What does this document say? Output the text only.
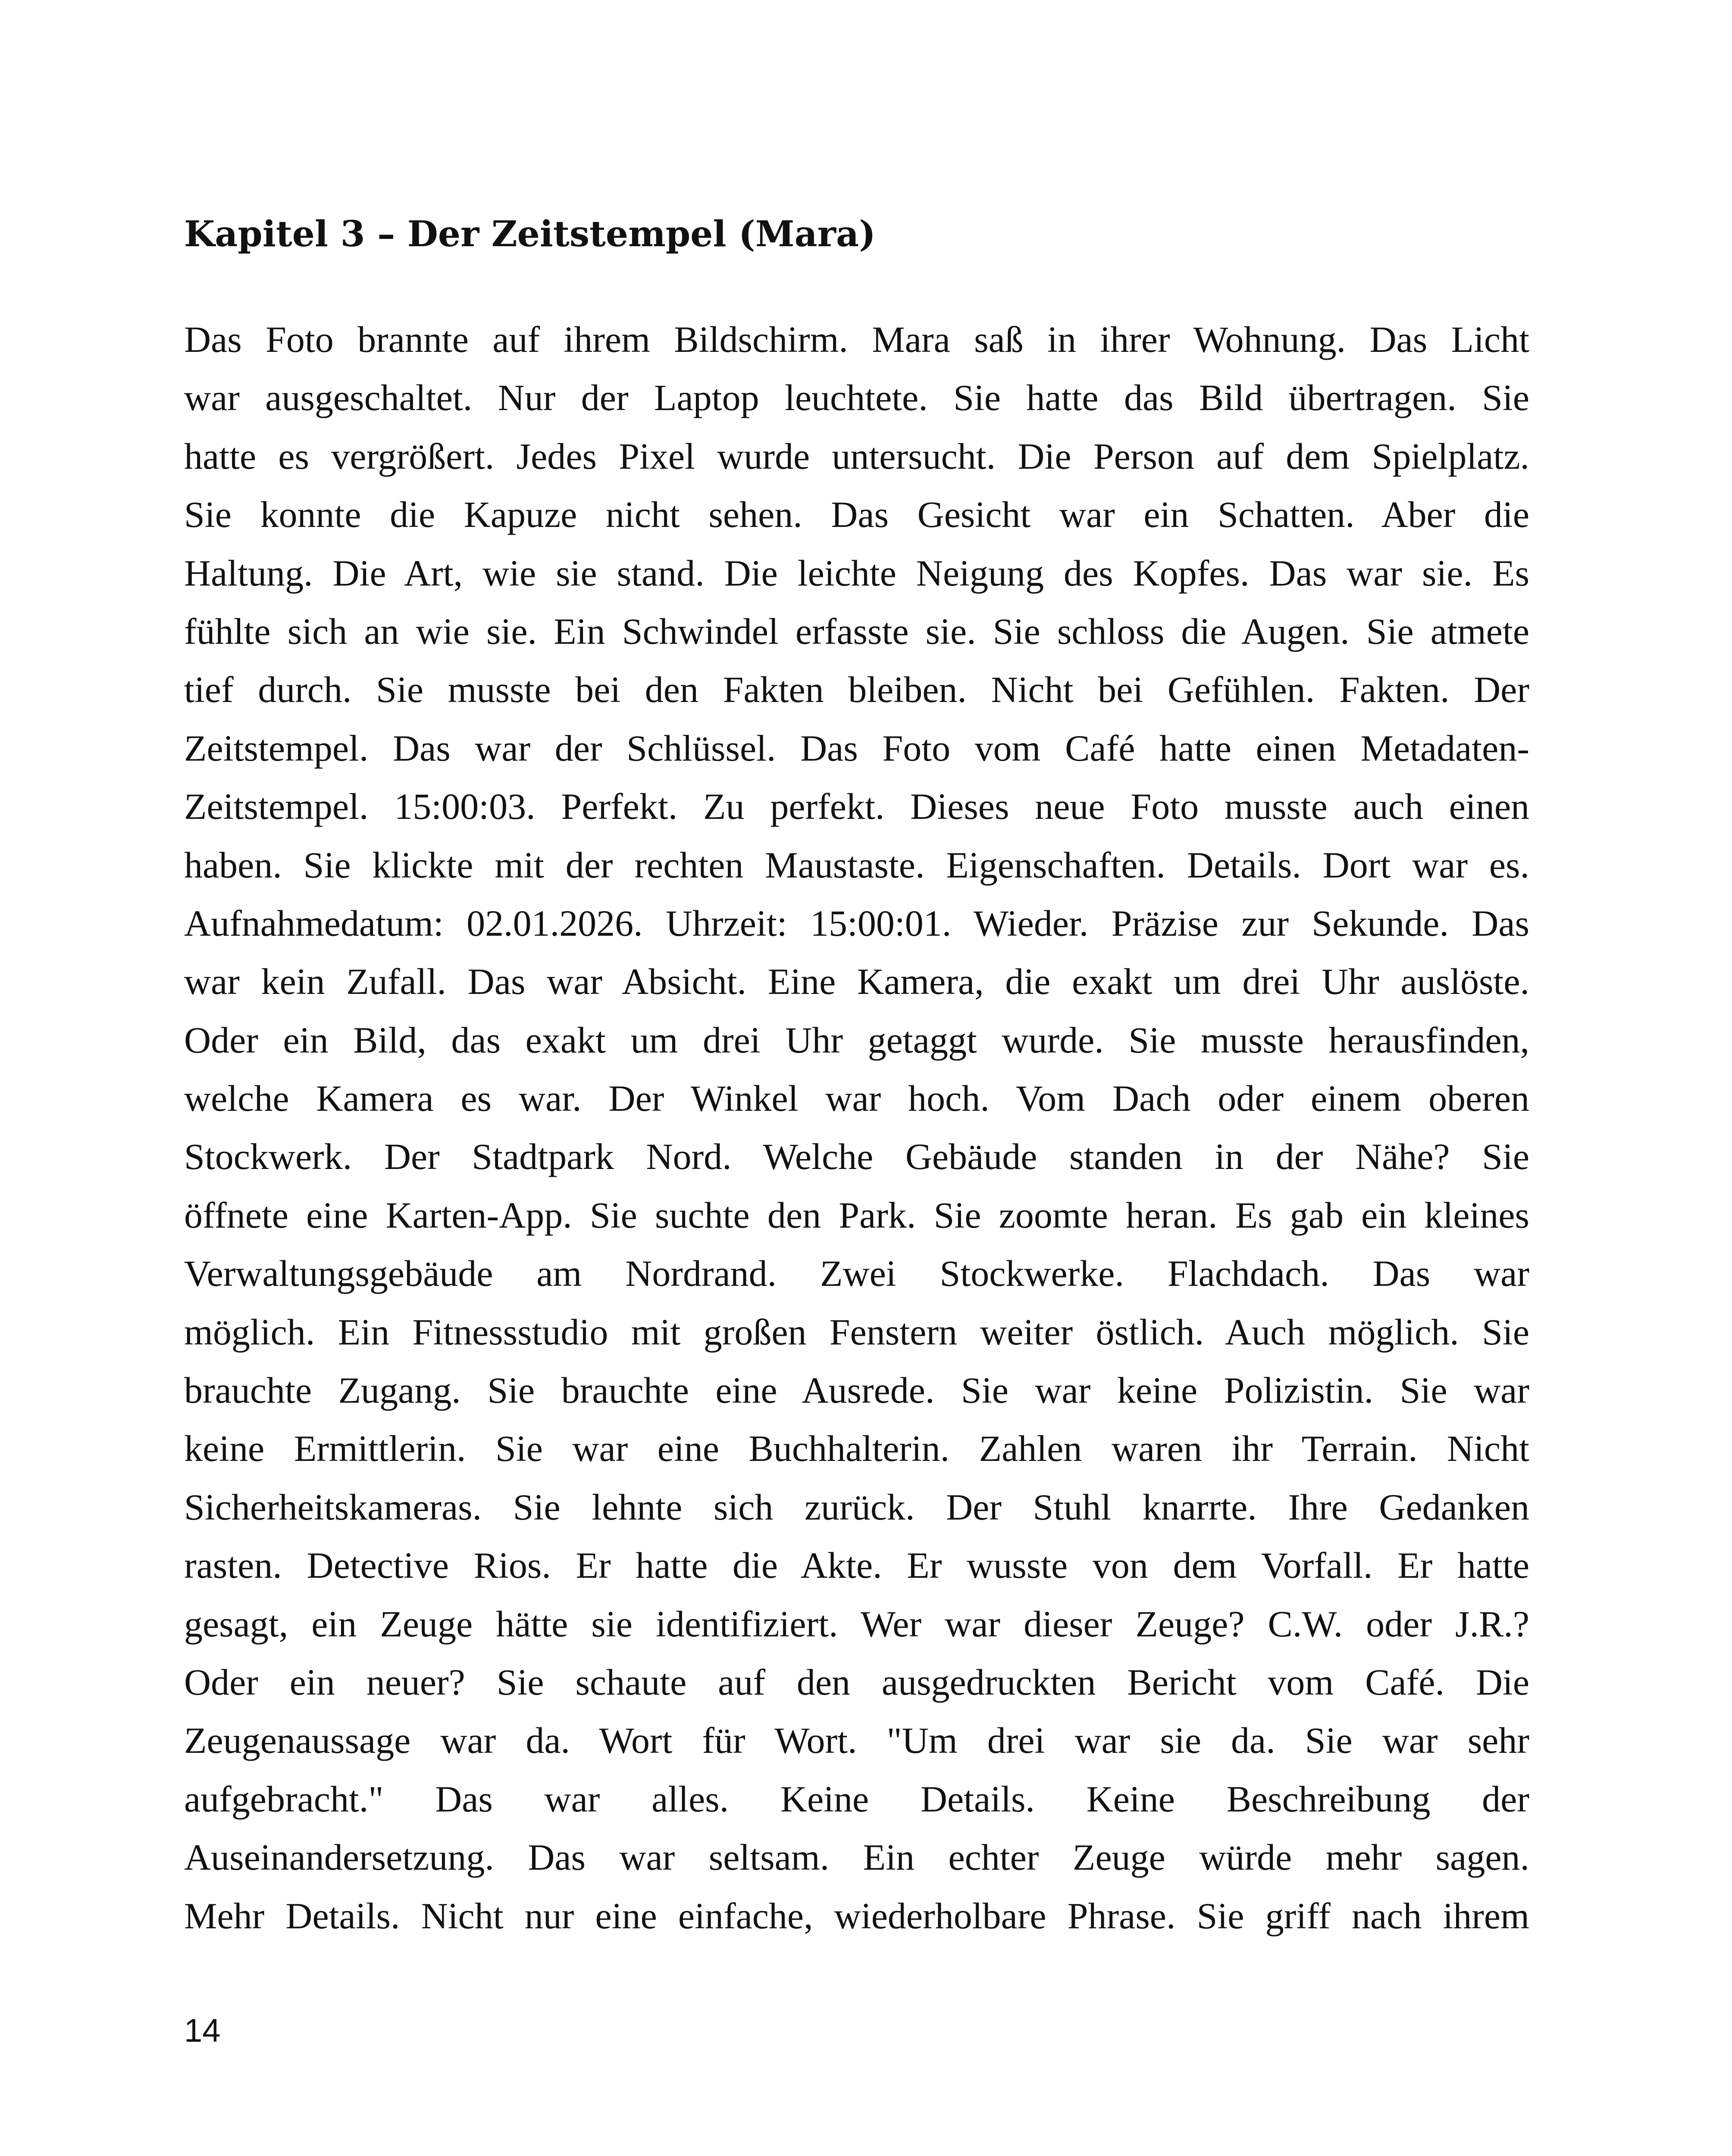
Kapitel 3 – Der Zeitstempel (Mara)
Das Foto brannte auf ihrem Bildschirm. Mara saß in ihrer Wohnung. Das Licht
war ausgeschaltet. Nur der Laptop leuchtete. Sie hatte das Bild übertragen. Sie
hatte es vergrößert. Jedes Pixel wurde untersucht. Die Person auf dem Spielplatz.
Sie konnte die Kapuze nicht sehen. Das Gesicht war ein Schatten. Aber die
Haltung. Die Art, wie sie stand. Die leichte Neigung des Kopfes. Das war sie. Es
fühlte sich an wie sie. Ein Schwindel erfasste sie. Sie schloss die Augen. Sie atmete
tief durch. Sie musste bei den Fakten bleiben. Nicht bei Gefühlen. Fakten. Der
Zeitstempel. Das war der Schlüssel. Das Foto vom Café hatte einen Metadaten-
Zeitstempel. 15:00:03. Perfekt. Zu perfekt. Dieses neue Foto musste auch einen
haben. Sie klickte mit der rechten Maustaste. Eigenschaften. Details. Dort war es.
Aufnahmedatum: 02.01.2026. Uhrzeit: 15:00:01. Wieder. Präzise zur Sekunde. Das
war kein Zufall. Das war Absicht. Eine Kamera, die exakt um drei Uhr auslöste.
Oder ein Bild, das exakt um drei Uhr getaggt wurde. Sie musste herausfinden,
welche Kamera es war. Der Winkel war hoch. Vom Dach oder einem oberen
Stockwerk. Der Stadtpark Nord. Welche Gebäude standen in der Nähe? Sie
öffnete eine Karten-App. Sie suchte den Park. Sie zoomte heran. Es gab ein kleines
Verwaltungsgebäude am Nordrand. Zwei Stockwerke. Flachdach. Das war
möglich. Ein Fitnessstudio mit großen Fenstern weiter östlich. Auch möglich. Sie
brauchte Zugang. Sie brauchte eine Ausrede. Sie war keine Polizistin. Sie war
keine Ermittlerin. Sie war eine Buchhalterin. Zahlen waren ihr Terrain. Nicht
Sicherheitskameras. Sie lehnte sich zurück. Der Stuhl knarrte. Ihre Gedanken
rasten. Detective Rios. Er hatte die Akte. Er wusste von dem Vorfall. Er hatte
gesagt, ein Zeuge hätte sie identifiziert. Wer war dieser Zeuge? C.W. oder J.R.?
Oder ein neuer? Sie schaute auf den ausgedruckten Bericht vom Café. Die
Zeugenaussage war da. Wort für Wort. "Um drei war sie da. Sie war sehr
aufgebracht." Das war alles. Keine Details. Keine Beschreibung der
Auseinandersetzung. Das war seltsam. Ein echter Zeuge würde mehr sagen.
Mehr Details. Nicht nur eine einfache, wiederholbare Phrase. Sie griff nach ihrem
14
